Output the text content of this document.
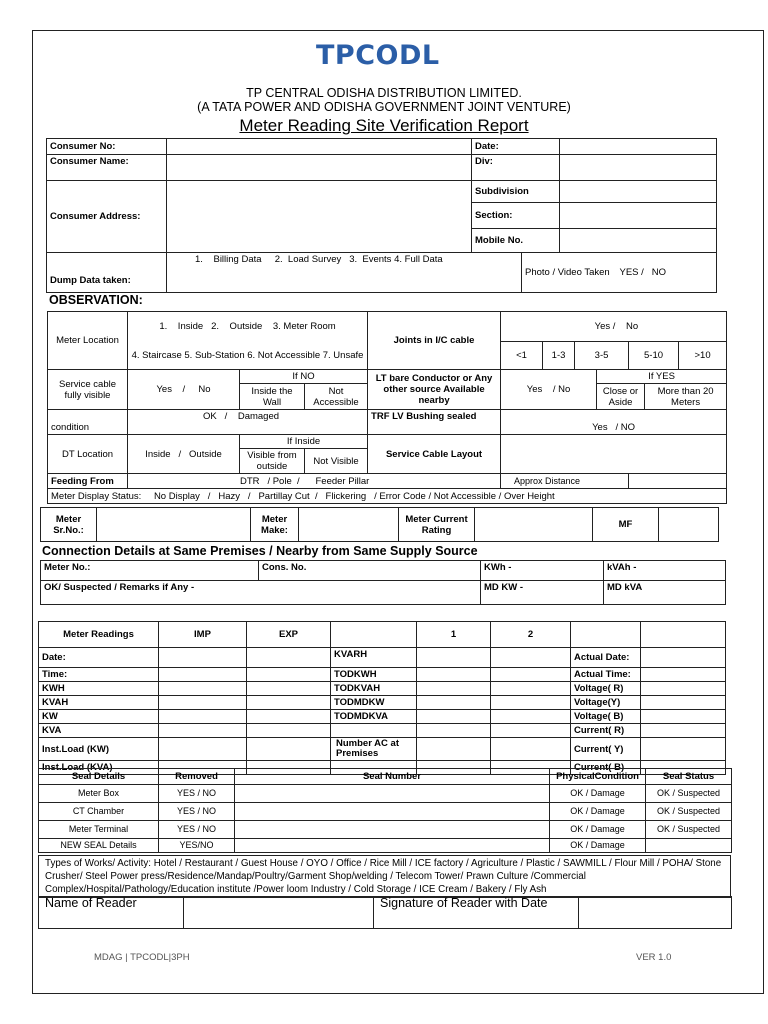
TPCODL
TP CENTRAL ODISHA DISTRIBUTION LIMITED.
(A TATA POWER AND ODISHA GOVERNMENT JOINT VENTURE)
Meter Reading Site Verification Report
Consumer No:		Date:	
Consumer Name:		Div:	
Consumer Address:		Subdivision	
		Section:	
		Mobile No.	
Dump Data taken:	1.    Billing Data     2.  Load Survey   3.  Events 4. Full Data	Photo / Video Taken	YES /   NO
OBSERVATION:
Meter Location	1.    Inside   2.    Outside    3. Meter Room			Joints in I/C cable	Yes /    No						
	4. Staircase 5. Sub-Station 6. Not Accessible 7. Unsafe				<1	1-3	3-5		5-10		>10
Service cable fully visible	Yes    /     No	If NO		LT bare Conductor or Any other source Available nearby	Yes    / No			If YES			
		Inside the Wall	Not Accessible					Close or Aside		More than 20 Meters	
condition	OK   /    Damaged			TRF LV Bushing sealed	Yes   / NO						
DT Location	Inside   /   Outside	If Inside		Service Cable Layout							
		Visible from outside	Not Visible								
Feeding From	DTR   / Pole  /      Feeder Pillar				Approx Distance						
Meter Display Status: No Display   /   Hazy   /   Partillay Cut  /   Flickering   / Error Code / Not Accessible / Over Height											
Meter Sr.No.:		Meter Make:		Meter Current Rating		MF	
Connection Details at Same Premises / Nearby from Same Supply Source
Meter No.:	Cons. No.	KWh -	kVAh -
OK/ Suspected / Remarks if Any -		MD KW -	MD kVA
Meter Readings	IMP	EXP		1	2		
Date:			KVARH			Actual Date:	
Time:			TODKWH			Actual Time:	
KWH			TODKVAH			Voltage( R)	
KVAH			TODMDKW			Voltage(Y)	
KW			TODMDKVA			Voltage( B)	
KVA						Current( R)	
Inst.Load (KW)			Number AC at Premises			Current( Y)	
Inst.Load (KVA)						Current( B)	
Seal Details	Removed	Seal Number	PhysicalCondition	Seal Status
Meter Box	YES / NO		OK / Damage	OK / Suspected
CT Chamber	YES / NO		OK / Damage	OK / Suspected
Meter Terminal	YES / NO		OK / Damage	OK / Suspected
NEW SEAL Details	YES/NO		OK / Damage	
Types of Works/ Activity: Hotel / Restaurant / Guest House / OYO / Office / Rice Mill / ICE factory / Agriculture / Plastic / SAWMILL / Flour Mill / POHA/ Stone Crusher/ Steel Power press/Residence/Mandap/Poultry/Garment Shop/welding / Telecom Tower/ Prawn Culture /Commercial Complex/Hospital/Pathology/Education institute /Power loom Industry / Cold Storage / ICE Cream / Bakery / Fly Ash
Name of Reader		Signature of Reader with Date	
MDAG | TPCODL|3PH	VER 1.0
